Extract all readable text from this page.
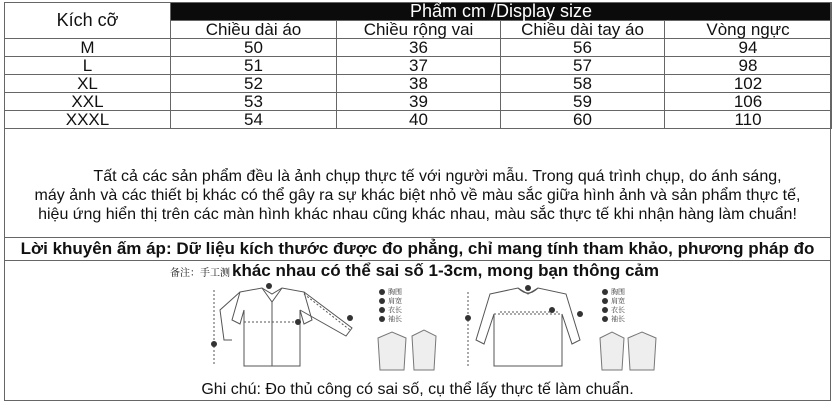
Kích cỡ	Phẩm cm /Display size			
	Chiều dài áo	Chiều rộng vai	Chiều dài tay áo	Vòng ngực
M	50	36	56	94
L	51	37	57	98
XL	52	38	58	102
XXL	53	39	59	106
XXXL	54	40	60	110

Tất cả các sản phẩm đều là ảnh chụp thực tế với người mẫu. Trong quá trình chụp, do ánh sáng,

máy ảnh và các thiết bị khác có thể gây ra sự khác biệt nhỏ về màu sắc giữa hình ảnh và sản phẩm thực tế,

hiệu ứng hiển thị trên các màn hình khác nhau cũng khác nhau, màu sắc thực tế khi nhận hàng làm chuẩn!

Lời khuyên ấm áp: Dữ liệu kích thước được đo phẳng, chỉ mang tính tham khảo, phương pháp đo
备注：手工测 khác nhau có thể sai số 1-3cm, mong bạn thông cảm
胸围
肩宽
衣长
袖长
胸围
肩宽
衣长
袖长
Ghi chú: Đo thủ công có sai số, cụ thể lấy thực tế làm chuẩn.
